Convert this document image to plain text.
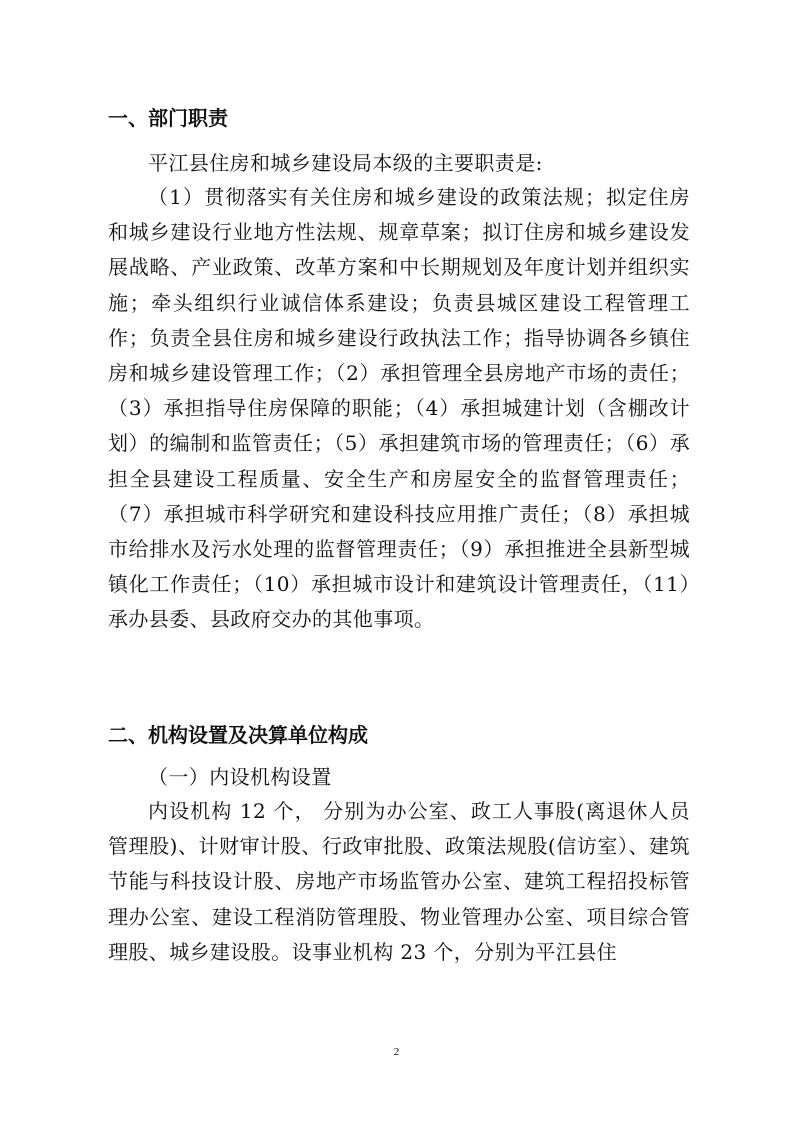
一、部门职责

平江县住房和城乡建设局本级的主要职责是:

（1）贯彻落实有关住房和城乡建设的政策法规；拟定住房和城乡建设行业地方性法规、规章草案；拟订住房和城乡建设发展战略、产业政策、改革方案和中长期规划及年度计划并组织实施；牵头组织行业诚信体系建设；负责县城区建设工程管理工作；负责全县住房和城乡建设行政执法工作；指导协调各乡镇住房和城乡建设管理工作；（2）承担管理全县房地产市场的责任；（3）承担指导住房保障的职能；（4）承担城建计划（含棚改计划）的编制和监管责任；（5）承担建筑市场的管理责任；（6）承担全县建设工程质量、安全生产和房屋安全的监督管理责任；（7）承担城市科学研究和建设科技应用推广责任；（8）承担城市给排水及污水处理的监督管理责任；（9）承担推进全县新型城镇化工作责任；（10）承担城市设计和建筑设计管理责任，（11）承办县委、县政府交办的其他事项。

二、机构设置及决算单位构成

（一）内设机构设置

内设机构 12 个， 分别为办公室、政工人事股(离退休人员管理股)、计财审计股、行政审批股、政策法规股(信访室）、建筑节能与科技设计股、房地产市场监管办公室、建筑工程招投标管理办公室、建设工程消防管理股、物业管理办公室、项目综合管理股、城乡建设股。设事业机构 23 个，分别为平江县住

2
